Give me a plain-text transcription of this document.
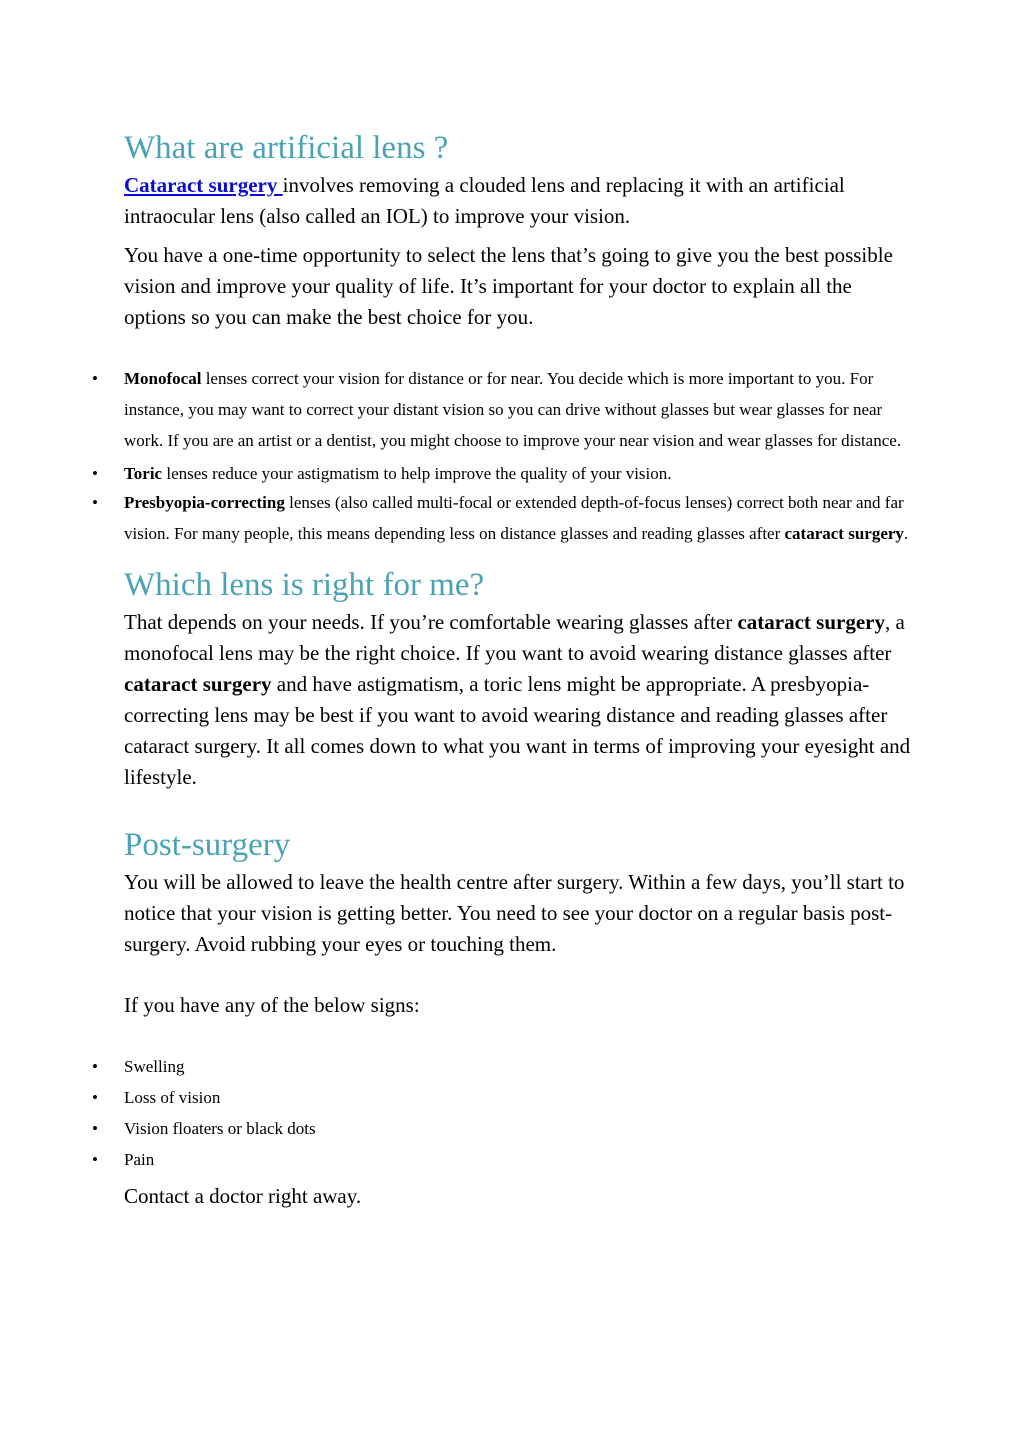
What are artificial lens ?

Cataract surgery involves removing a clouded lens and replacing it with an artificial intraocular lens (also called an IOL) to improve your vision.

You have a one-time opportunity to select the lens that’s going to give you the best possible vision and improve your quality of life. It’s important for your doctor to explain all the options so you can make the best choice for you.

• Monofocal lenses correct your vision for distance or for near. You decide which is more important to you. For instance, you may want to correct your distant vision so you can drive without glasses but wear glasses for near work. If you are an artist or a dentist, you might choose to improve your near vision and wear glasses for distance.
• Toric lenses reduce your astigmatism to help improve the quality of your vision.
• Presbyopia-correcting lenses (also called multi-focal or extended depth-of-focus lenses) correct both near and far vision. For many people, this means depending less on distance glasses and reading glasses after cataract surgery.
Which lens is right for me?

That depends on your needs. If you’re comfortable wearing glasses after cataract surgery, a monofocal lens may be the right choice. If you want to avoid wearing distance glasses after cataract surgery and have astigmatism, a toric lens might be appropriate. A presbyopia-correcting lens may be best if you want to avoid wearing distance and reading glasses after cataract surgery. It all comes down to what you want in terms of improving your eyesight and lifestyle.

Post-surgery

You will be allowed to leave the health centre after surgery. Within a few days, you’ll start to notice that your vision is getting better. You need to see your doctor on a regular basis post-surgery. Avoid rubbing your eyes or touching them.

If you have any of the below signs:

• Swelling
• Loss of vision
• Vision floaters or black dots
• Pain

Contact a doctor right away.
